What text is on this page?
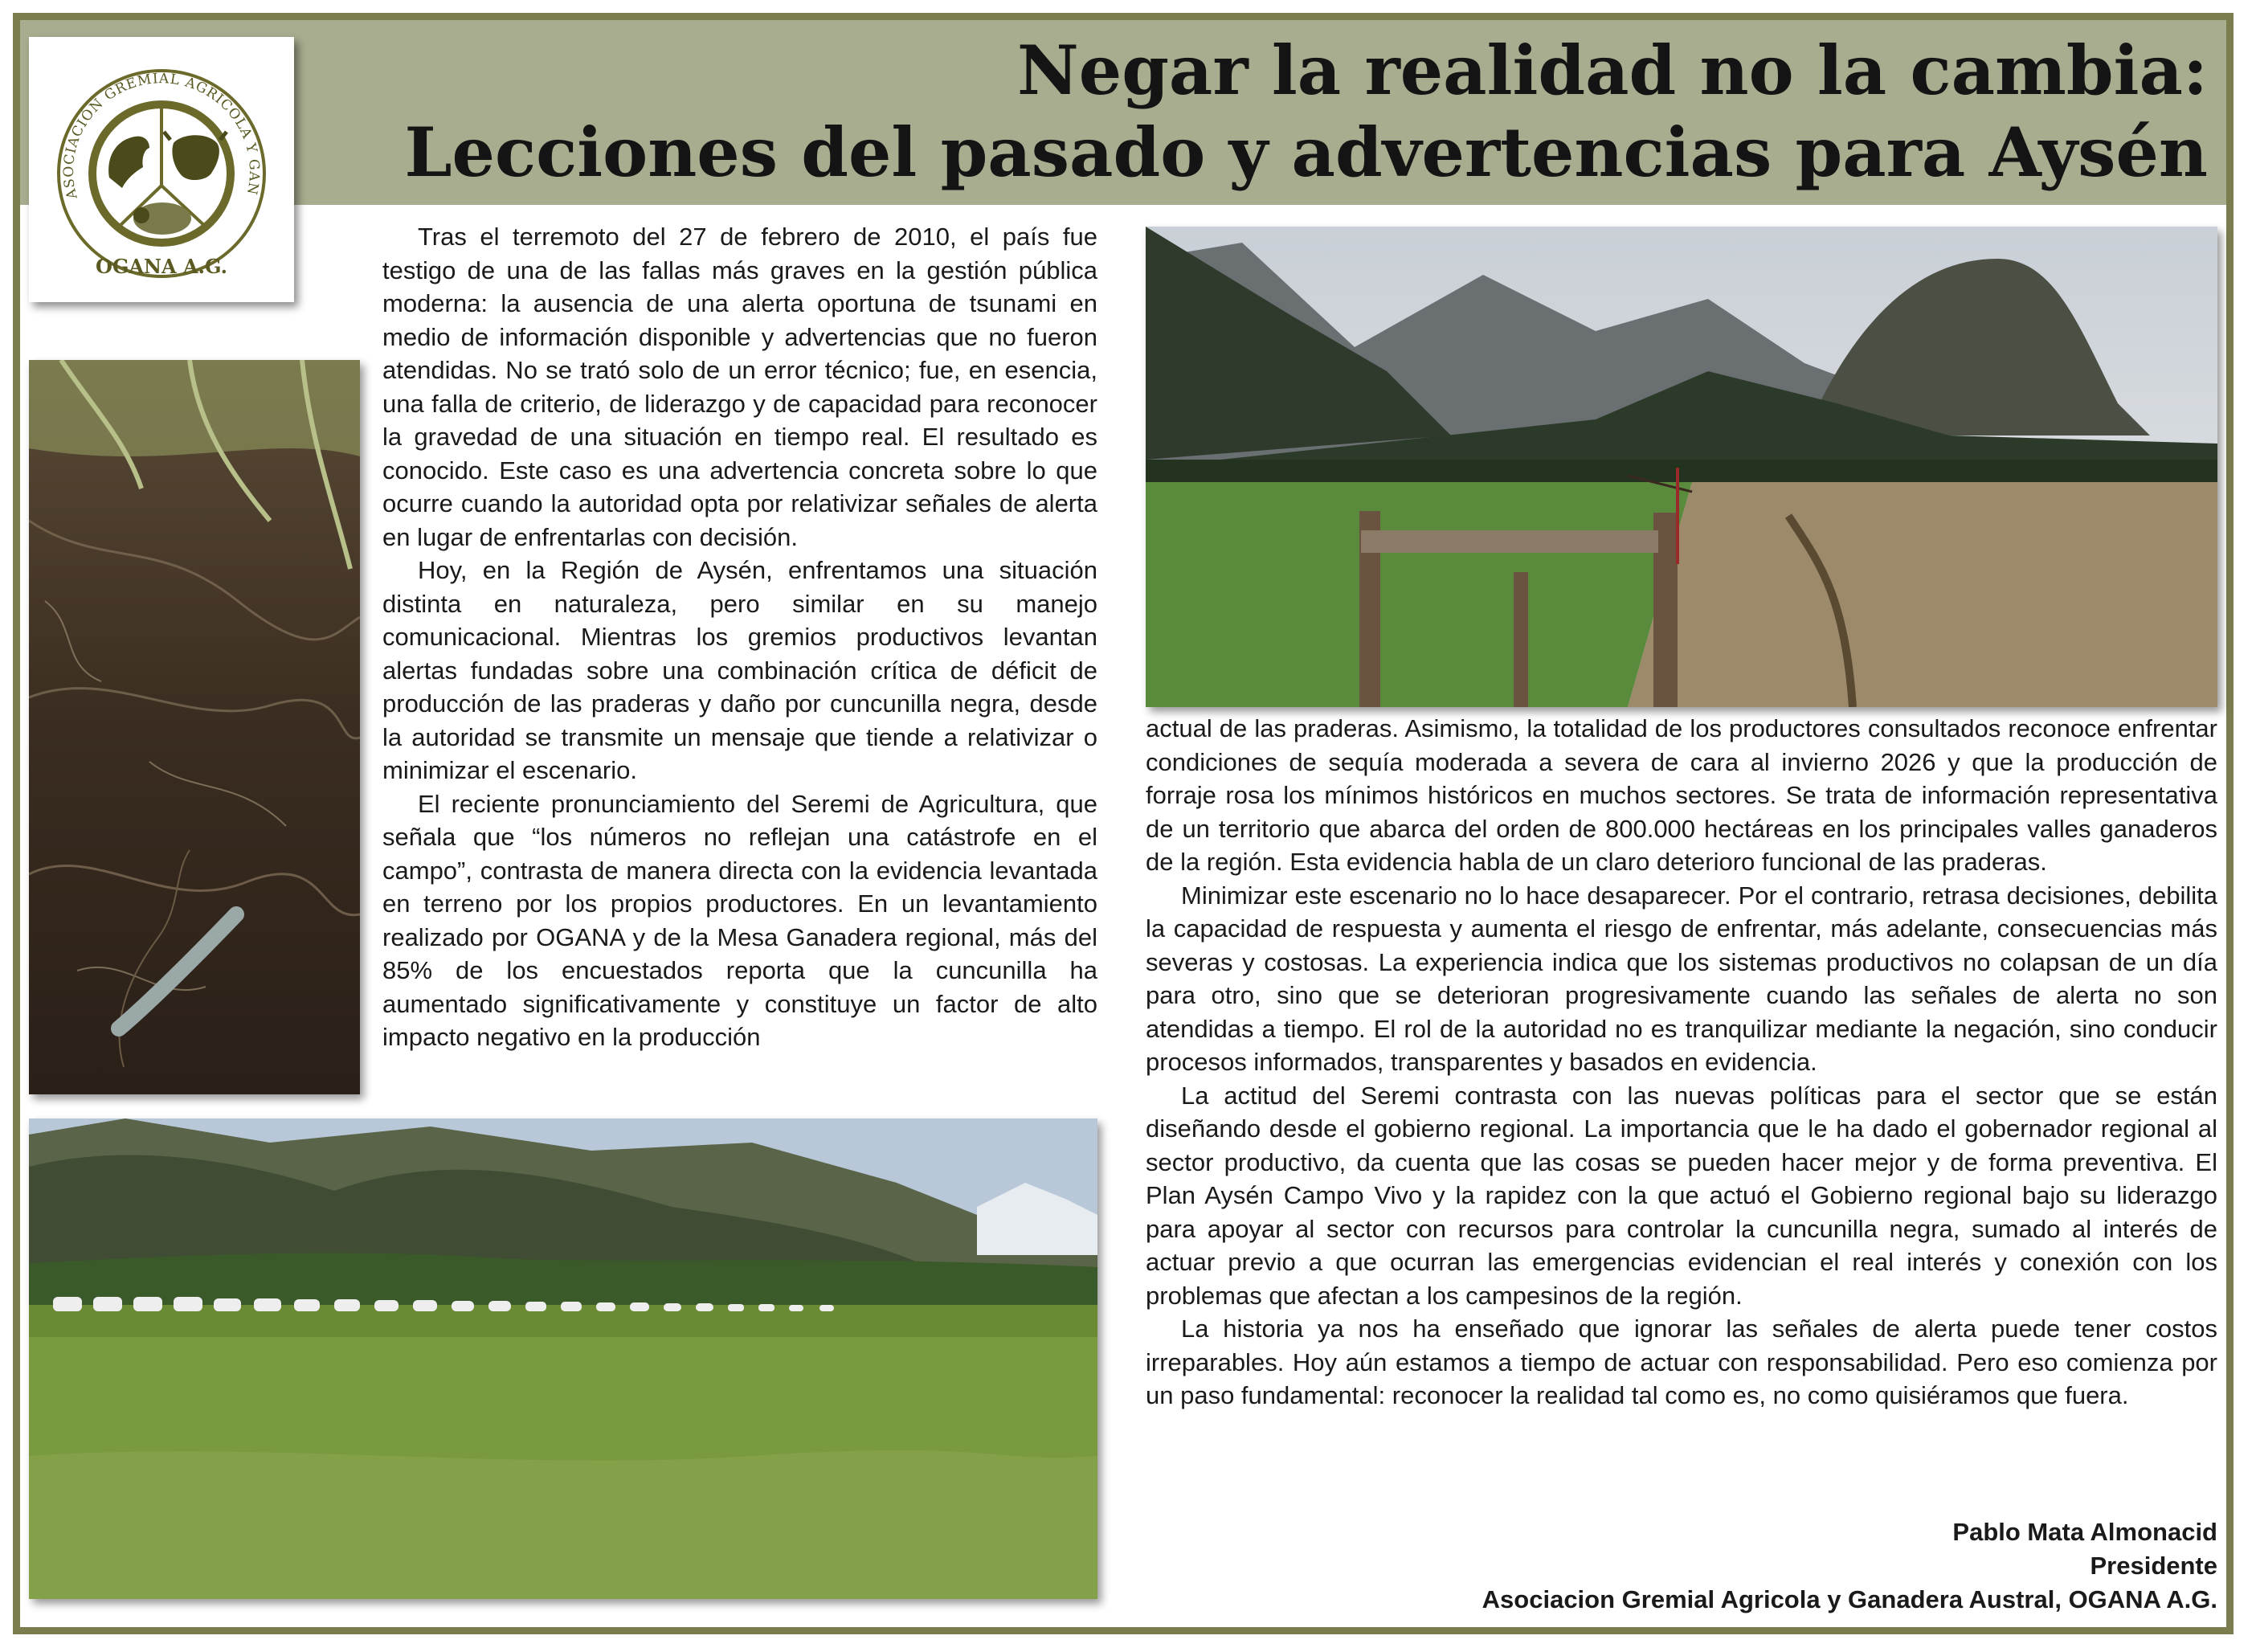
Negar la realidad no la cambia:
Lecciones del pasado y advertencias para Aysén
ASOCIACIÓN GREMIAL AGRÍCOLA Y GAN
OGANA A.G.

Tras el terremoto del 27 de febrero de 2010, el país fue testigo de una de las fallas más graves en la gestión pública moderna: la ausencia de una alerta oportuna de tsunami en medio de información disponible y advertencias que no fueron atendidas. No se trató solo de un error técnico; fue, en esencia, una falla de criterio, de liderazgo y de capacidad para reconocer la gravedad de una situación en tiempo real. El resultado es conocido. Este caso es una advertencia concreta sobre lo que ocurre cuando la autoridad opta por relativizar señales de alerta en lugar de enfrentarlas con decisión.

Hoy, en la Región de Aysén, enfrentamos una situación distinta en naturaleza, pero similar en su manejo comunicacional. Mientras los gremios productivos levantan alertas fundadas sobre una combinación crítica de déficit de producción de las praderas y daño por cuncunilla negra, desde la autoridad se transmite un mensaje que tiende a relativizar o minimizar el escenario.

El reciente pronunciamiento del Seremi de Agricultura, que señala que “los números no reflejan una catástrofe en el campo”, contrasta de manera directa con la evidencia levantada en terreno por los propios productores. En un levantamiento realizado por OGANA y de la Mesa Ganadera regional, más del 85% de los encuestados reporta que la cuncunilla ha aumentado significativamente y constituye un factor de alto impacto negativo en la producción

actual de las praderas. Asimismo, la totalidad de los productores consultados reconoce enfrentar condiciones de sequía moderada a severa de cara al invierno 2026 y que la producción de forraje rosa los mínimos históricos en muchos sectores. Se trata de información representativa de un territorio que abarca del orden de 800.000 hectáreas en los principales valles ganaderos de la región. Esta evidencia habla de un claro deterioro funcional de las praderas.

Minimizar este escenario no lo hace desaparecer. Por el contrario, retrasa decisiones, debilita la capacidad de respuesta y aumenta el riesgo de enfrentar, más adelante, consecuencias más severas y costosas. La experiencia indica que los sistemas productivos no colapsan de un día para otro, sino que se deterioran progresivamente cuando las señales de alerta no son atendidas a tiempo. El rol de la autoridad no es tranquilizar mediante la negación, sino conducir procesos informados, transparentes y basados en evidencia.

La actitud del Seremi contrasta con las nuevas políticas para el sector que se están diseñando desde el gobierno regional. La importancia que le ha dado el gobernador regional al sector productivo, da cuenta que las cosas se pueden hacer mejor y de forma preventiva. El Plan Aysén Campo Vivo y la rapidez con la que actuó el Gobierno regional bajo su liderazgo para apoyar al sector con recursos para controlar la cuncunilla negra, sumado al interés de actuar previo a que ocurran las emergencias evidencian el real interés y conexión con los problemas que afectan a los campesinos de la región.

La historia ya nos ha enseñado que ignorar las señales de alerta puede tener costos irreparables. Hoy aún estamos a tiempo de actuar con responsabilidad. Pero eso comienza por un paso fundamental: reconocer la realidad tal como es, no como quisiéramos que fuera.

Pablo Mata Almonacid
Presidente
Asociacion Gremial Agricola y Ganadera Austral, OGANA A.G.
